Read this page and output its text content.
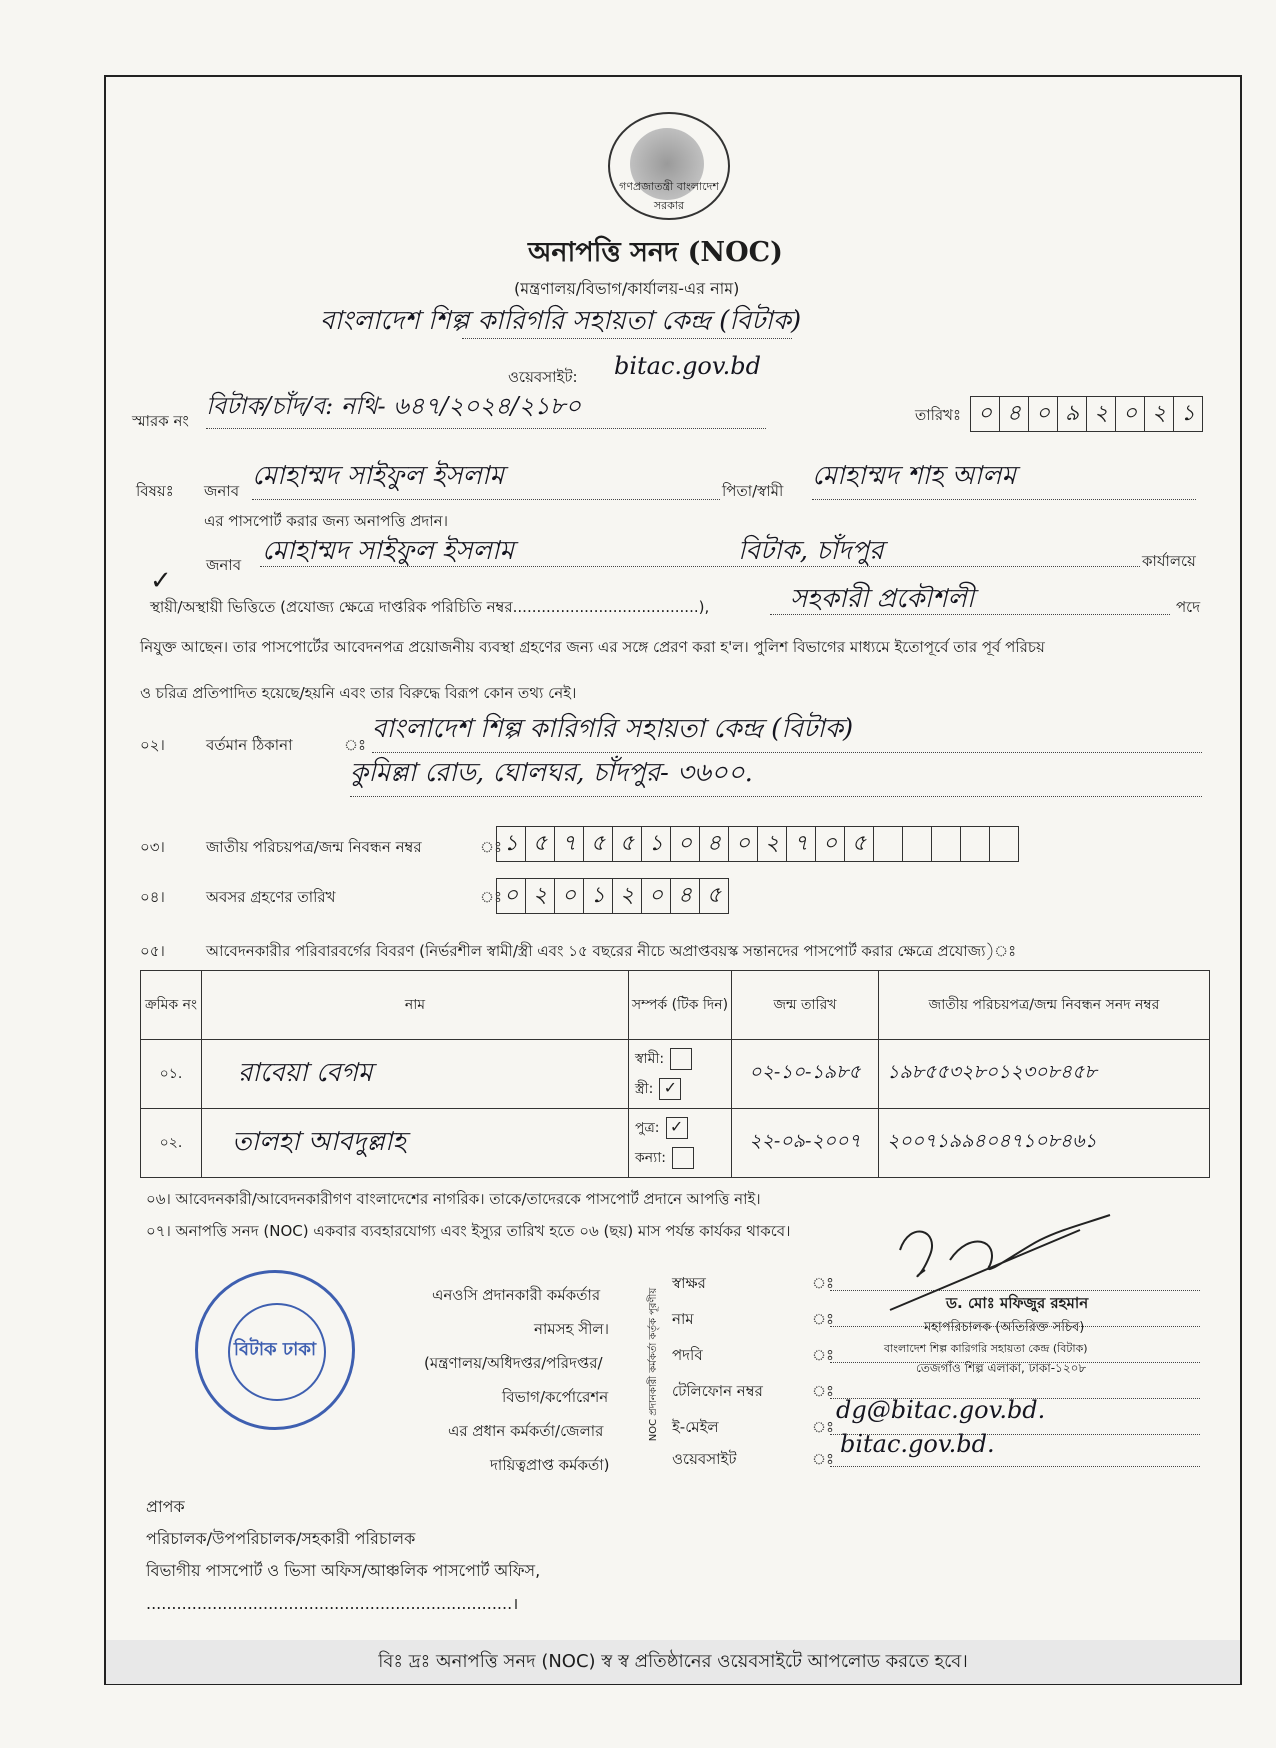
গণপ্রজাতন্ত্রী বাংলাদেশ সরকার
অনাপত্তি সনদ (NOC)
(মন্ত্রণালয়/বিভাগ/কার্যালয়-এর নাম)
বাংলাদেশ শিল্প কারিগরি সহায়তা কেন্দ্র (বিটাক)
ওয়েবসাইট: bitac.gov.bd
স্মারক নং
বিটাক/চাঁদ/ব: নথি- ৬৪৭/২০২৪/২১৮০	তারিখঃ ০ ৪ ০ ৯ ২ ০ ২ ১
বিষয়ঃ জনাব মোহাম্মদ সাইফুল ইসলাম	পিতা/স্বামী মোহাম্মদ শাহ আলম
এর পাসপোর্ট করার জন্য অনাপত্তি প্রদান।
জনাব মোহাম্মদ সাইফুল ইসলাম	বিটাক, চাঁদপুর	কার্যালয়ে
✓
স্থায়ী/অস্থায়ী ভিত্তিতে (প্রযোজ্য ক্ষেত্রে দাপ্তরিক পরিচিতি নম্বর.......................................),	সহকারী প্রকৌশলী	পদে
নিযুক্ত আছেন। তার পাসপোর্টের আবেদনপত্র প্রয়োজনীয় ব্যবস্থা গ্রহণের জন্য এর সঙ্গে প্রেরণ করা হ'ল। পুলিশ বিভাগের মাধ্যমে ইতোপূর্বে তার পূর্ব পরিচয়
ও চরিত্র প্রতিপাদিত হয়েছে/হয়নি এবং তার বিরুদ্ধে বিরূপ কোন তথ্য নেই।
০২।	বর্তমান ঠিকানা	ঃ
বাংলাদেশ শিল্প কারিগরি সহায়তা কেন্দ্র (বিটাক)
কুমিল্লা রোড, ঘোলঘর, চাঁদপুর- ৩৬০০.
০৩।	জাতীয় পরিচয়পত্র/জন্ম নিবন্ধন নম্বর	ঃ ১ ৫ ৭ ৫ ৫ ১ ০ ৪ ০ ২ ৭ ০ ৫
০৪।	অবসর গ্রহণের তারিখ	ঃ ০ ২ ০ ১ ২ ০ ৪ ৫
০৫।	আবেদনকারীর পরিবারবর্গের বিবরণ (নির্ভরশীল স্বামী/স্ত্রী এবং ১৫ বছরের নীচে অপ্রাপ্তবয়স্ক সন্তানদের পাসপোর্ট করার ক্ষেত্রে প্রযোজ্য)ঃ
ক্রমিক নং	নাম	সম্পর্ক (টিক দিন)	জন্ম তারিখ	জাতীয় পরিচয়পত্র/জন্ম নিবন্ধন সনদ নম্বর
০১.	রাবেয়া বেগম	স্বামী:
স্ত্রী: ✓	০২-১০-১৯৮৫	১৯৮৫৫৩২৮০১২৩০৮৪৫৮
০২.	তালহা আবদুল্লাহ	পুত্র: ✓
কন্যা:	২২-০৯-২০০৭	২০০৭১৯৯৪০৪৭১০৮৪৬১
০৬। আবেদনকারী/আবেদনকারীগণ বাংলাদেশের নাগরিক। তাকে/তাদেরকে পাসপোর্ট প্রদানে আপত্তি নাই।
০৭। অনাপত্তি সনদ (NOC) একবার ব্যবহারযোগ্য এবং ইস্যুর তারিখ হতে ০৬ (ছয়) মাস পর্যন্ত কার্যকর থাকবে।
বিটাক ঢাকা
এনওসি প্রদানকারী কর্মকর্তার
নামসহ সীল।
(মন্ত্রণালয়/অধিদপ্তর/পরিদপ্তর/
বিভাগ/কর্পোরেশন
এর প্রধান কর্মকর্তা/জেলার
দায়িত্বপ্রাপ্ত কর্মকর্তা)
NOC প্রদানকারী কর্মকর্তা কর্তৃক পূরণীয়
স্বাক্ষর
নাম
পদবি
টেলিফোন নম্বর
ই-মেইল
ওয়েবসাইট
ঃ
ঃ
ঃ
ঃ
ঃ
ঃ
ড. মোঃ মফিজুর রহমান
মহাপরিচালক (অতিরিক্ত সচিব)
বাংলাদেশ শিল্প কারিগরি সহায়তা কেন্দ্র (বিটাক)
তেজগাঁও শিল্প এলাকা, ঢাকা-১২০৮
dg@bitac.gov.bd.
bitac.gov.bd.
প্রাপক
পরিচালক/উপপরিচালক/সহকারী পরিচালক
বিভাগীয় পাসপোর্ট ও ভিসা অফিস/আঞ্চলিক পাসপোর্ট অফিস,
........................................................................।
বিঃ দ্রঃ অনাপত্তি সনদ (NOC) স্ব স্ব প্রতিষ্ঠানের ওয়েবসাইটে আপলোড করতে হবে।
